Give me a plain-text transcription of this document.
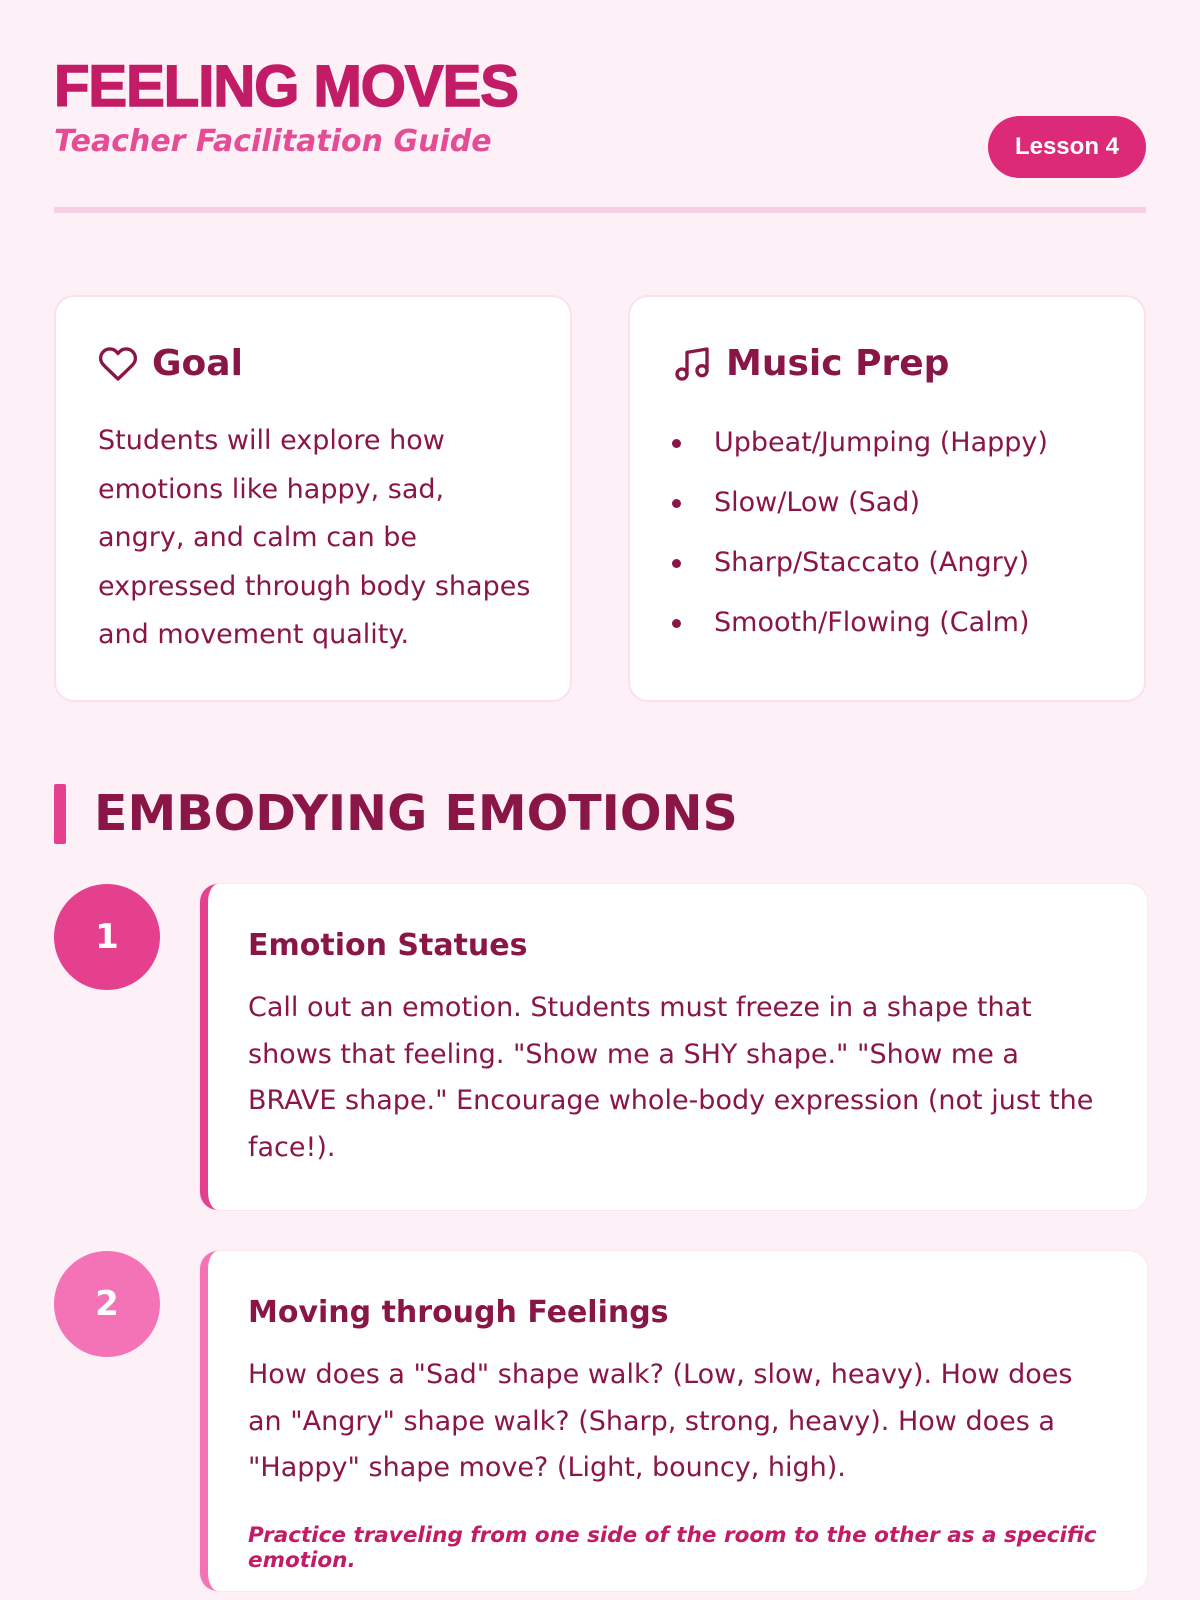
FEELING MOVES
Teacher Facilitation Guide	Lesson 4
Goal

Students will explore how emotions like happy, sad, angry, and calm can be expressed through body shapes and movement quality.

Music Prep
Upbeat/Jumping (Happy)
Slow/Low (Sad)
Sharp/Staccato (Angry)
Smooth/Flowing (Calm)
EMBODYING EMOTIONS
1	Emotion Statues

Call out an emotion. Students must freeze in a shape that shows that feeling. "Show me a SHY shape." "Show me a BRAVE shape." Encourage whole-body expression (not just the face!).

2	Moving through Feelings

How does a "Sad" shape walk? (Low, slow, heavy). How does an "Angry" shape walk? (Sharp, strong, heavy). How does a "Happy" shape move? (Light, bouncy, high).

Practice traveling from one side of the room to the other as a specific emotion.
